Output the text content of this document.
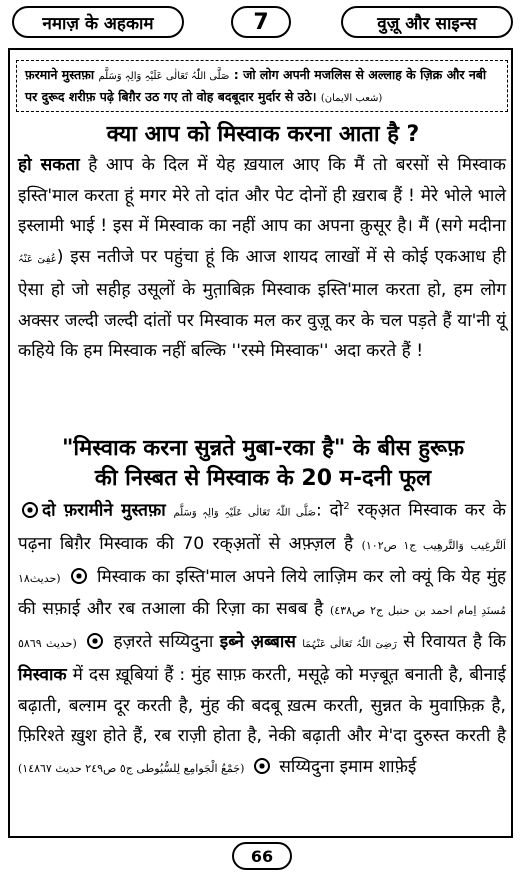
नमाज़ के अहकाम	7	वुज़ू और साइन्स
फ़रमाने मुस्तफ़ा صَلَّی اللّٰہُ تَعَالٰی عَلَیْہِ وَالِہٖ وَسَلَّم : जो लोग अपनी मजलिस से अल्लाह के ज़िक्र और नबी पर दुरूद शरीफ़ पढ़े बिग़ैर उठ गए तो वोह बदबूदार मुर्दार से उठे। (شعب الایمان)
क्या आप को मिस्वाक करना आता है ?
हो सकता है आप के दिल में येह ख़याल आए कि मैं तो बरसों से मिस्वाक इस्ति'माल करता हूं मगर मेरे तो दांत और पेट दोनों ही ख़राब हैं ! मेरे भोले भाले इस्लामी भाई ! इस में मिस्वाक का नहीं आप का अपना क़ुसूर है। मैं (सगे मदीना عُفِیَ عَنْہُ) इस नतीजे पर पहुंचा हूं कि आज शायद लाखों में से कोई एकआध ही ऐसा हो जो सहीह़ उसूलों के मुत़ाबिक़ मिस्वाक इस्ति'माल करता हो, हम लोग अक्सर जल्दी जल्दी दांतों पर मिस्वाक मल कर वुज़ू कर के चल पड़ते हैं या'नी यूं कहिये कि हम मिस्वाक नहीं बल्कि ''रस्मे मिस्वाक'' अदा करते हैं !
"मिस्वाक करना सुन्नते मुबा-रका है" के बीस हुरूफ़
की निस्बत से मिस्वाक के 20 म-दनी फूल
दो फ़रामीने मुस्तफ़ा صَلَّی اللّٰہُ تَعَالٰی عَلَیْہِ وَالِہٖ وَسَلَّم: दो$^2$ रक्अ़त मिस्वाक कर के पढ़ना बिग़ैर मिस्वाक की 70 रक्अ़तों से अफ़्ज़ल है (اَلتَّرغِیب وَالتَّرهِیب ج١ ص١٠٢ حدیث١٨)  मिस्वाक का इस्ति'माल अपने लिये लाज़िम कर लो क्यूं कि येह मुंह की सफ़ाई और रब तआला की रिज़ा का सबब है (مُسنَدِ اِمام احمد بن حنبل ج٢ ص٤٣٨ حدیث ٥٨٦٩)  हज़रते सय्यिदुना इब्ने अ़ब्बास رَضِیَ اللّٰہُ تَعَالٰی عَنْہُمَا से रिवायत है कि मिस्वाक में दस ख़ूबियां हैं : मुंह साफ़ करती, मसूढ़े को मज़्बूत़ बनाती है, बीनाई बढ़ाती, बल्ग़म दूर करती है, मुंह की बदबू ख़त्म करती, सुन्नत के मुवाफ़िक़ है, फ़िरिश्ते ख़ुश होते हैं, रब राज़ी होता है, नेकी बढ़ाती और मे'दा दुरुस्त करती है (جَمْعُ الْجَوامِع لِلسُّیُوطی ج٥ ص٢٤٩ حدیث ١٤٨٦٧)  सय्यिदुना इमाम शाफ़ेई
66
